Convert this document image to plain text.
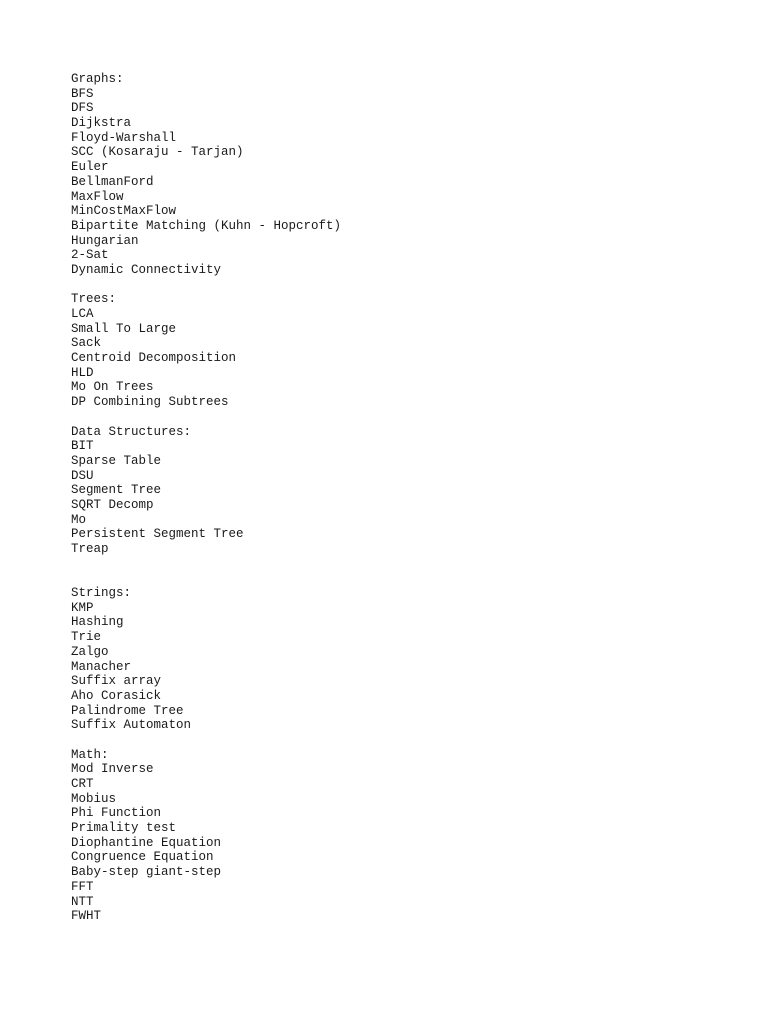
Graphs:
BFS
DFS
Dijkstra
Floyd-Warshall
SCC (Kosaraju - Tarjan)
Euler
BellmanFord
MaxFlow
MinCostMaxFlow
Bipartite Matching (Kuhn - Hopcroft)
Hungarian
2-Sat
Dynamic Connectivity
Trees:
LCA
Small To Large
Sack
Centroid Decomposition
HLD
Mo On Trees
DP Combining Subtrees
Data Structures:
BIT
Sparse Table
DSU
Segment Tree
SQRT Decomp
Mo
Persistent Segment Tree
Treap
Strings:
KMP
Hashing
Trie
Zalgo
Manacher
Suffix array
Aho Corasick
Palindrome Tree
Suffix Automaton
Math:
Mod Inverse
CRT
Mobius
Phi Function
Primality test
Diophantine Equation
Congruence Equation
Baby-step giant-step
FFT
NTT
FWHT
